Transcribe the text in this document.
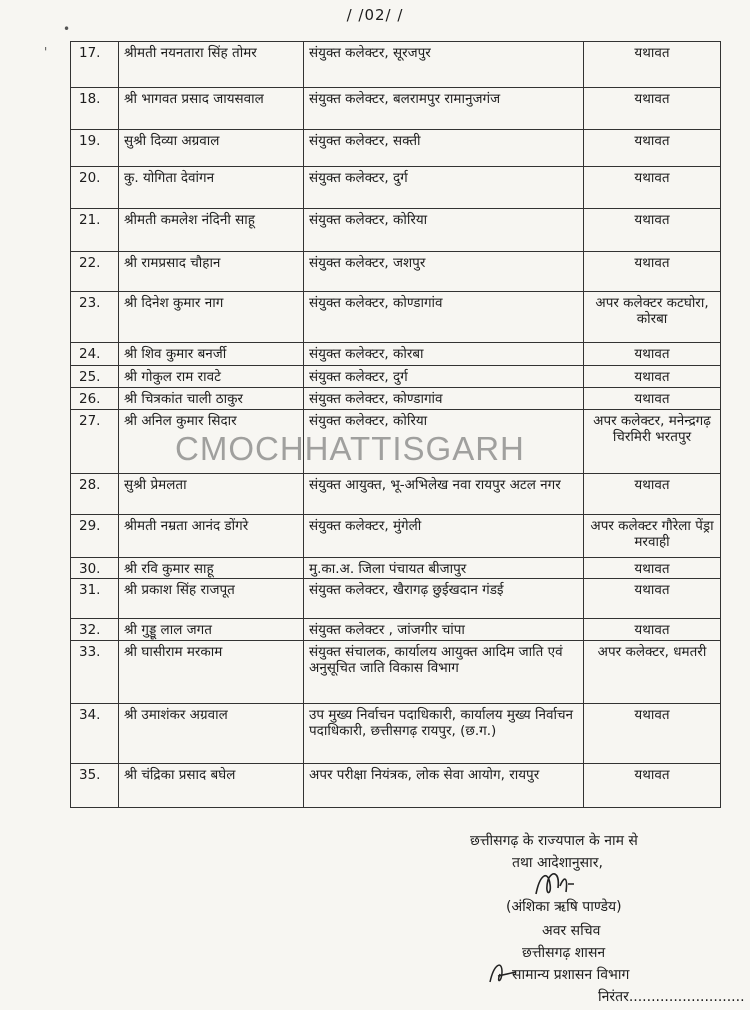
/ /02/ /
•
' 17.	श्रीमती नयनतारा सिंह तोमर	संयुक्त कलेक्टर, सूरजपुर	यथावत
18.	श्री भागवत प्रसाद जायसवाल	संयुक्त कलेक्टर, बलरामपुर रामानुजगंज	यथावत
19.	सुश्री दिव्या अग्रवाल	संयुक्त कलेक्टर, सक्ती	यथावत
20.	कु. योगिता देवांगन	संयुक्त कलेक्टर, दुर्ग	यथावत
21.	श्रीमती कमलेश नंदिनी साहू	संयुक्त कलेक्टर, कोरिया	यथावत
22.	श्री रामप्रसाद चौहान	संयुक्त कलेक्टर, जशपुर	यथावत
23.	श्री दिनेश कुमार नाग	संयुक्त कलेक्टर, कोण्डागांव	अपर कलेक्टर कटघोरा, कोरबा
24.	श्री शिव कुमार बनर्जी	संयुक्त कलेक्टर, कोरबा	यथावत
25.	श्री गोकुल राम रावटे	संयुक्त कलेक्टर, दुर्ग	यथावत
26.	श्री चित्रकांत चाली ठाकुर	संयुक्त कलेक्टर, कोण्डागांव	यथावत
27.	श्री अनिल कुमार सिदार	संयुक्त कलेक्टर, कोरिया	अपर कलेक्टर, मनेन्द्रगढ़ चिरमिरी भरतपुर
28.	सुश्री प्रेमलता	संयुक्त आयुक्त, भू-अभिलेख नवा रायपुर अटल नगर	यथावत
29.	श्रीमती नम्रता आनंद डोंगरे	संयुक्त कलेक्टर, मुंगेली	अपर कलेक्टर गौरेला पेंड्रा मरवाही
30.	श्री रवि कुमार साहू	मु.का.अ. जिला पंचायत बीजापुर	यथावत
31.	श्री प्रकाश सिंह राजपूत	संयुक्त कलेक्टर, खैरागढ़ छुईखदान गंडई	यथावत
32.	श्री गुड्डू लाल जगत	संयुक्त कलेक्टर , जांजगीर चांपा	यथावत
33.	श्री घासीराम मरकाम	संयुक्त संचालक, कार्यालय आयुक्त आदिम जाति एवं अनुसूचित जाति विकास विभाग	अपर कलेक्टर, धमतरी
34.	श्री उमाशंकर अग्रवाल	उप मुख्य निर्वाचन पदाधिकारी, कार्यालय मुख्य निर्वाचन पदाधिकारी, छत्तीसगढ़ रायपुर, (छ.ग.)	यथावत
35.	श्री चंद्रिका प्रसाद बघेल	अपर परीक्षा नियंत्रक, लोक सेवा आयोग, रायपुर	यथावत
CMOCHHATTISGARH
छत्तीसगढ़ के राज्यपाल के नाम से
तथा आदेशानुसार,
(अंशिका ऋषि पाण्डेय)
अवर सचिव
छत्तीसगढ़ शासन
सामान्य प्रशासन विभाग
निरंतर..........................
